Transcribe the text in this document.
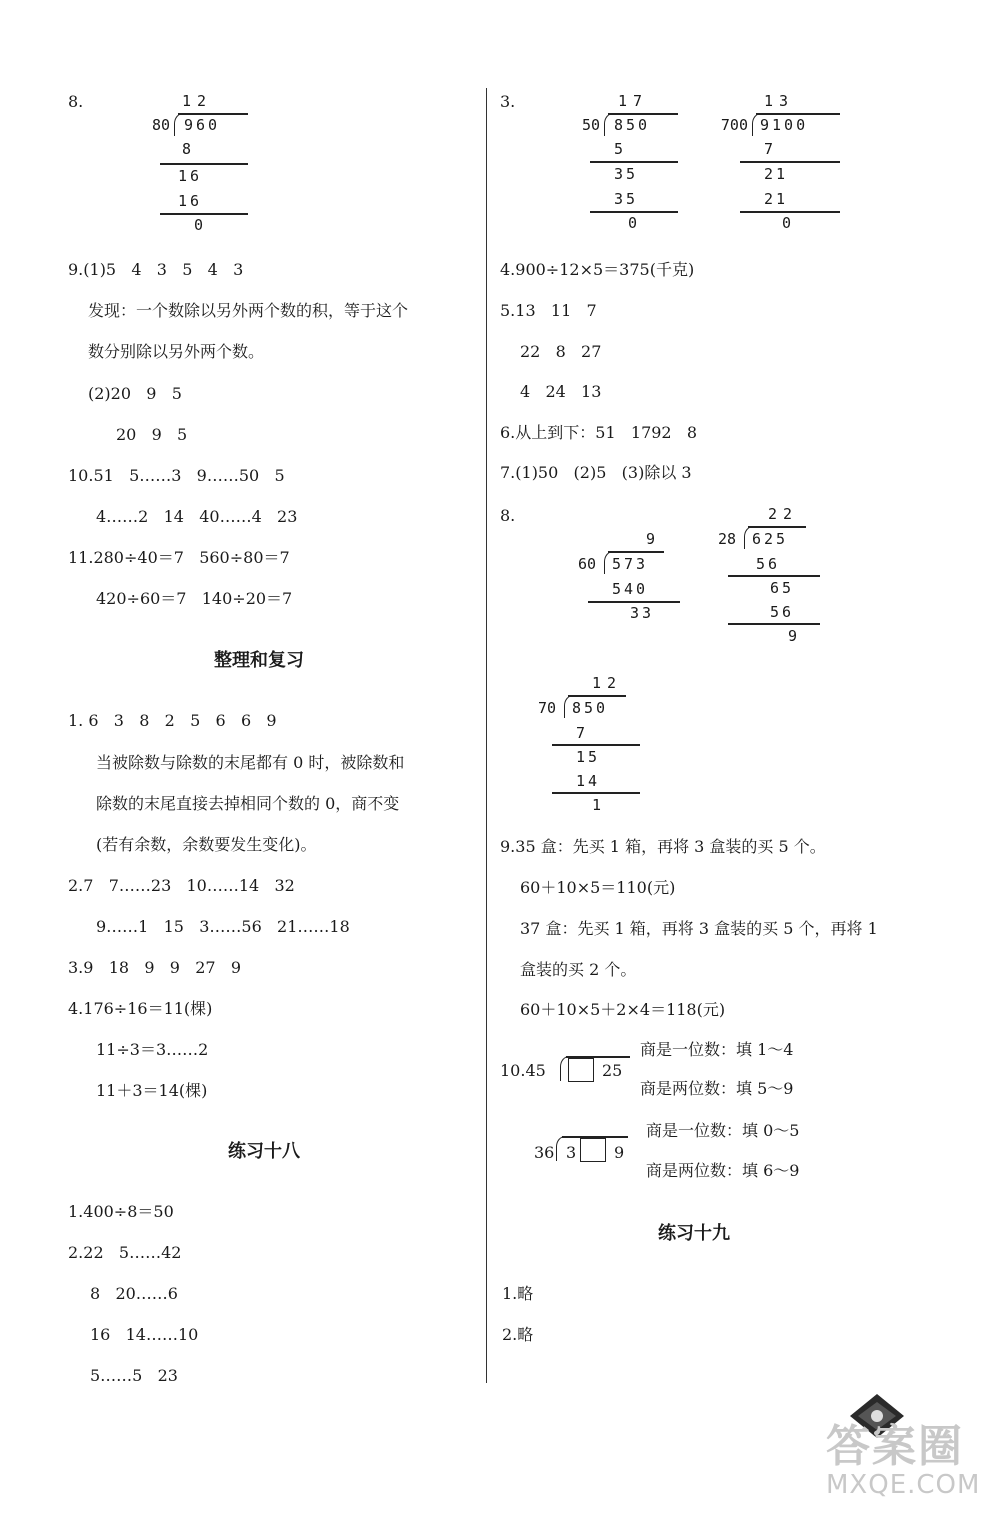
8.	12
80 960
8
16
16
0
9.(1)5   4   3   5   4   3
发现：一个数除以另外两个数的积，等于这个
数分别除以另外两个数。
(2)20   9   5
20   9   5
10.51   5……3   9……50   5
4……2   14   40……4   23
11.280÷40＝7   560÷80＝7
420÷60＝7   140÷20＝7
整理和复习
1. 6   3   8   2   5   6   6   9
当被除数与除数的末尾都有 0 时，被除数和
除数的末尾直接去掉相同个数的 0，商不变
(若有余数，余数要发生变化)。
2.7   7……23   10……14   32
9……1   15   3……56   21……18
3.9   18   9   9   27   9
4.176÷16＝11(棵)
11÷3＝3……2
11＋3＝14(棵)
练习十八
1.400÷8＝50
2.22   5……42
8   20……6
16   14……10
5……5   23
3.	17
50 850
5
35
35
0
13
700 9100
7
21
21
0
4.900÷12×5＝375(千克)
5.13   11   7
22   8   27
4   24   13
6.从上到下：51   1792   8
7.(1)50   (2)5   (3)除以 3
8.
9
60 573
540
33
22
28 625
56
65
56
9
12
70 850
7
15
14
1
9.35 盒：先买 1 箱，再将 3 盒装的买 5 个。
60＋10×5＝110(元)
37 盒：先买 1 箱，再将 3 盒装的买 5 个，再将 1
盒装的买 2 个。
60＋10×5＋2×4＝118(元)
10.45	25
36 3 9
商是一位数：填 1～4
商是两位数：填 5～9
商是一位数：填 0～5
商是两位数：填 6～9
练习十九
1.略
2.略
答案圈
MXQE.COM
